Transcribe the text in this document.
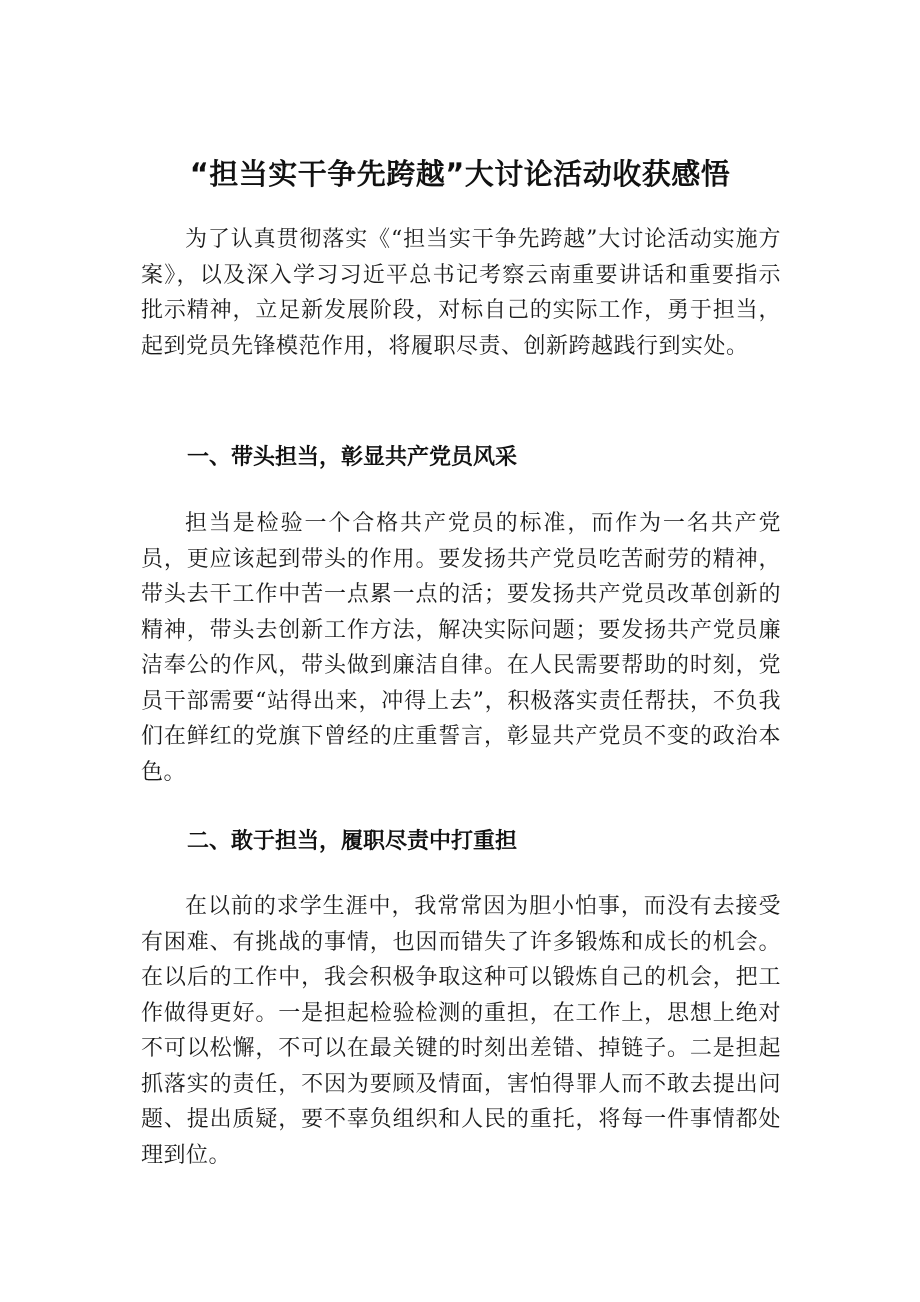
“担当实干争先跨越”大讨论活动收获感悟

为了认真贯彻落实《“担当实干争先跨越”大讨论活动实施方案》，以及深入学习习近平总书记考察云南重要讲话和重要指示批示精神，立足新发展阶段，对标自己的实际工作，勇于担当，起到党员先锋模范作用，将履职尽责、创新跨越践行到实处。

一、带头担当，彰显共产党员风采

担当是检验一个合格共产党员的标准，而作为一名共产党员，更应该起到带头的作用。要发扬共产党员吃苦耐劳的精神，带头去干工作中苦一点累一点的活；要发扬共产党员改革创新的精神，带头去创新工作方法，解决实际问题；要发扬共产党员廉洁奉公的作风，带头做到廉洁自律。在人民需要帮助的时刻，党员干部需要“站得出来，冲得上去”，积极落实责任帮扶，不负我们在鲜红的党旗下曾经的庄重誓言，彰显共产党员不变的政治本色。

二、敢于担当，履职尽责中打重担

在以前的求学生涯中，我常常因为胆小怕事，而没有去接受有困难、有挑战的事情，也因而错失了许多锻炼和成长的机会。在以后的工作中，我会积极争取这种可以锻炼自己的机会，把工作做得更好。一是担起检验检测的重担，在工作上，思想上绝对不可以松懈，不可以在最关键的时刻出差错、掉链子。二是担起抓落实的责任，不因为要顾及情面，害怕得罪人而不敢去提出问题、提出质疑，要不辜负组织和人民的重托，将每一件事情都处理到位。
